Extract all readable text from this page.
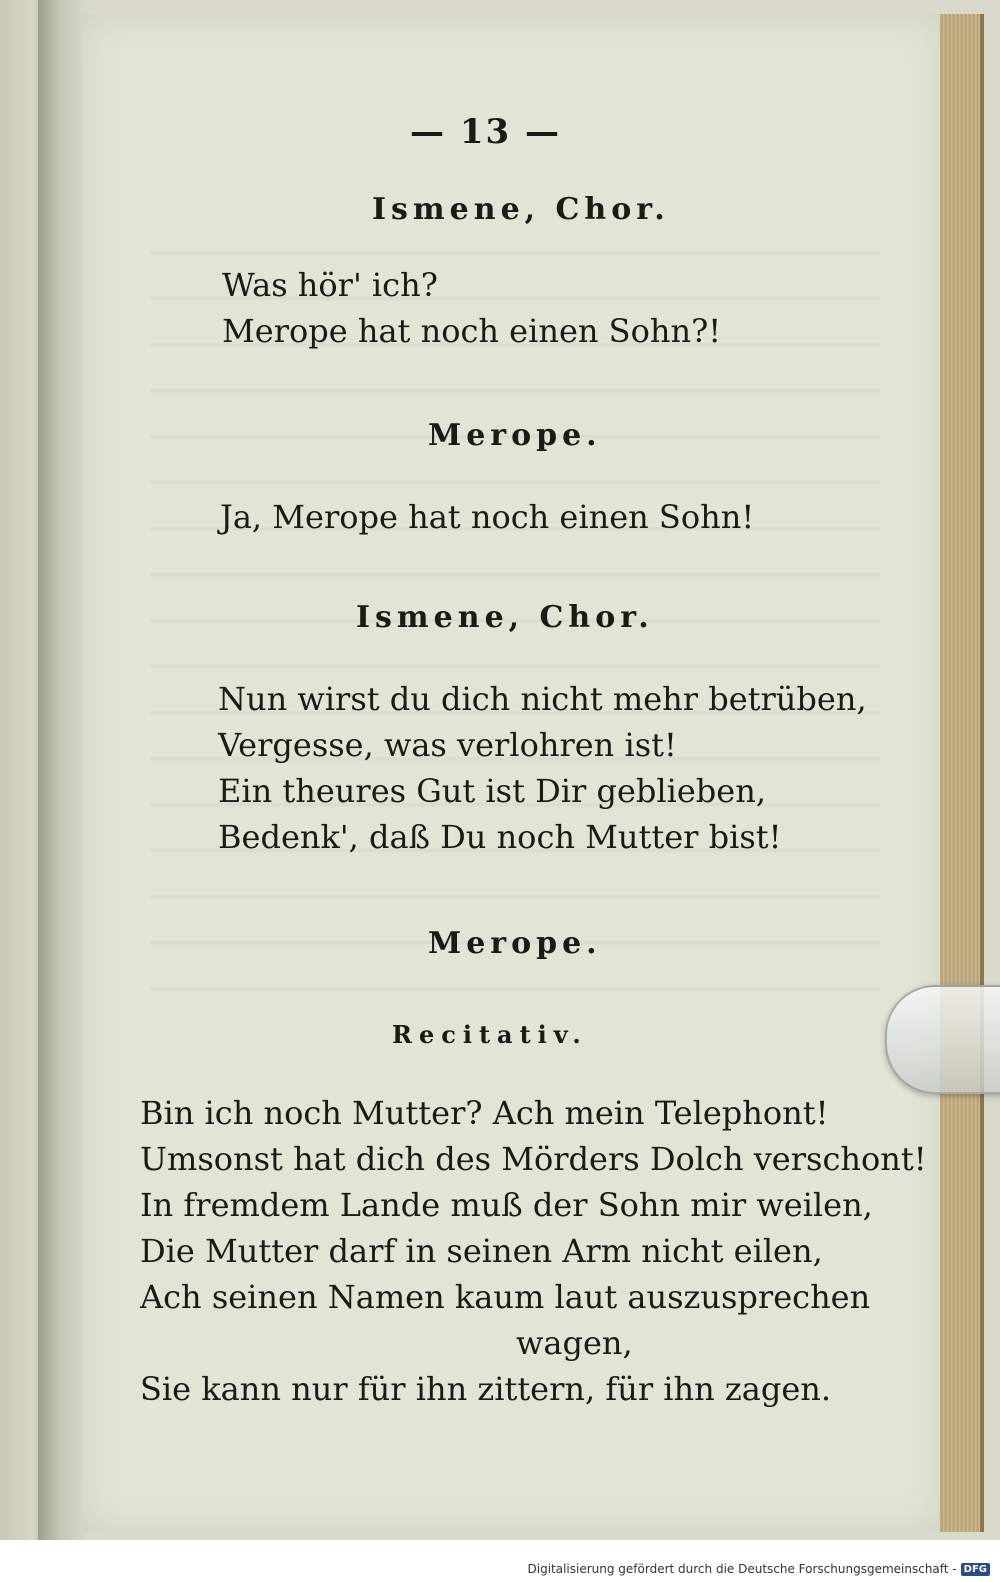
— 13 —
Ismene, Chor.
Was hör' ich?
Merope hat noch einen Sohn?!
Merope.
Ja, Merope hat noch einen Sohn!
Ismene, Chor.
Nun wirst du dich nicht mehr betrüben,
Vergesse, was verlohren ist!
Ein theures Gut ist Dir geblieben,
Bedenk', daß Du noch Mutter bist!
Merope.
Recitativ.
Bin ich noch Mutter? Ach mein Telephont!
Umsonst hat dich des Mörders Dolch verschont!
In fremdem Lande muß der Sohn mir weilen,
Die Mutter darf in seinen Arm nicht eilen,
Ach seinen Namen kaum laut auszusprechen
wagen,
Sie kann nur für ihn zittern, für ihn zagen.
Digitalisierung gefördert durch die Deutsche Forschungsgemeinschaft - DFG
